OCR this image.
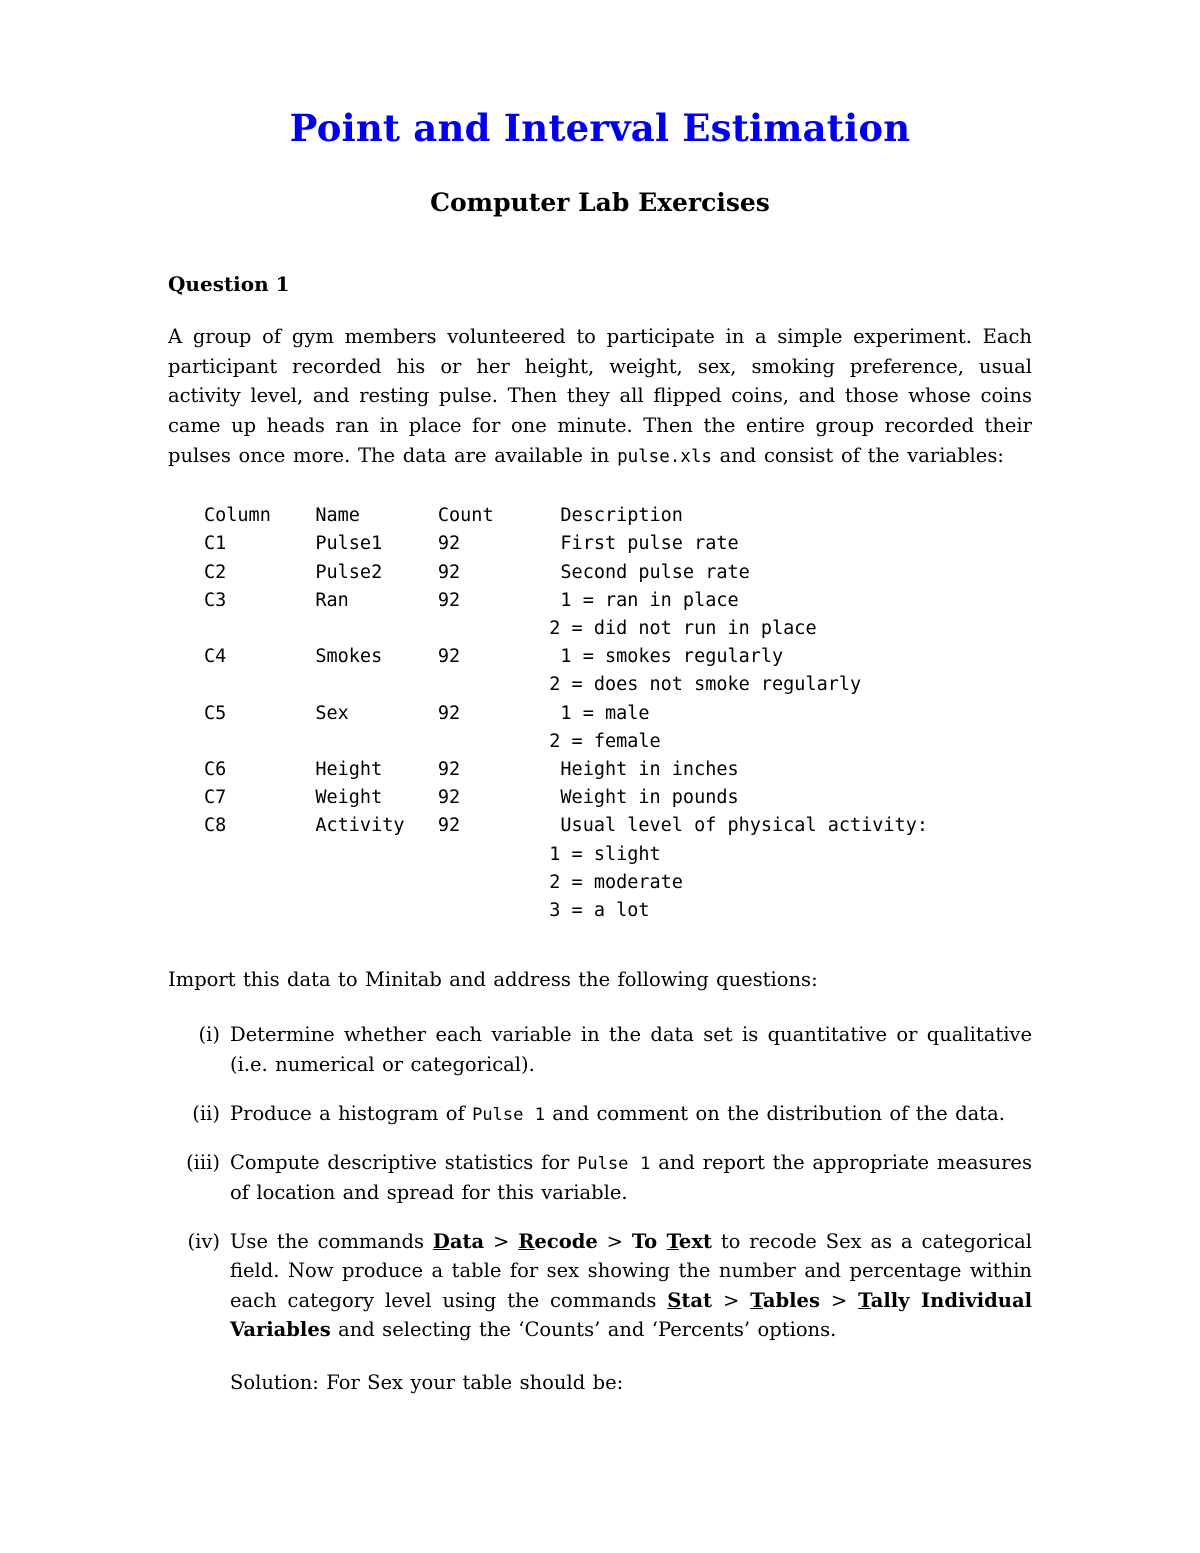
Point and Interval Estimation
Computer Lab Exercises
Question 1

A group of gym members volunteered to participate in a simple experiment. Each participant recorded his or her height, weight, sex, smoking preference, usual activity level, and resting pulse. Then they all flipped coins, and those whose coins came up heads ran in place for one minute. Then the entire group recorded their pulses once more. The data are available in pulse.xls and consist of the variables:

Column    Name       Count      Description
C1        Pulse1     92         First pulse rate
C2        Pulse2     92         Second pulse rate
C3        Ran        92         1 = ran in place
2 = did not run in place
C4        Smokes     92         1 = smokes regularly
2 = does not smoke regularly
C5        Sex        92         1 = male
2 = female
C6        Height     92         Height in inches
C7        Weight     92         Weight in pounds
C8        Activity   92         Usual level of physical activity:
1 = slight
2 = moderate
3 = a lot

Import this data to Minitab and address the following questions:

(i) Determine whether each variable in the data set is quantitative or qualitative (i.e. numerical or categorical).
(ii) Produce a histogram of Pulse 1 and comment on the distribution of the data.
(iii) Compute descriptive statistics for Pulse 1 and report the appropriate measures of location and spread for this variable.
(iv) Use the commands Data > Recode > To Text to recode Sex as a categorical field. Now produce a table for sex showing the number and percentage within each category level using the commands Stat > Tables > Tally Individual Variables and selecting the ‘Counts’ and ‘Percents’ options.
Solution: For Sex your table should be:
